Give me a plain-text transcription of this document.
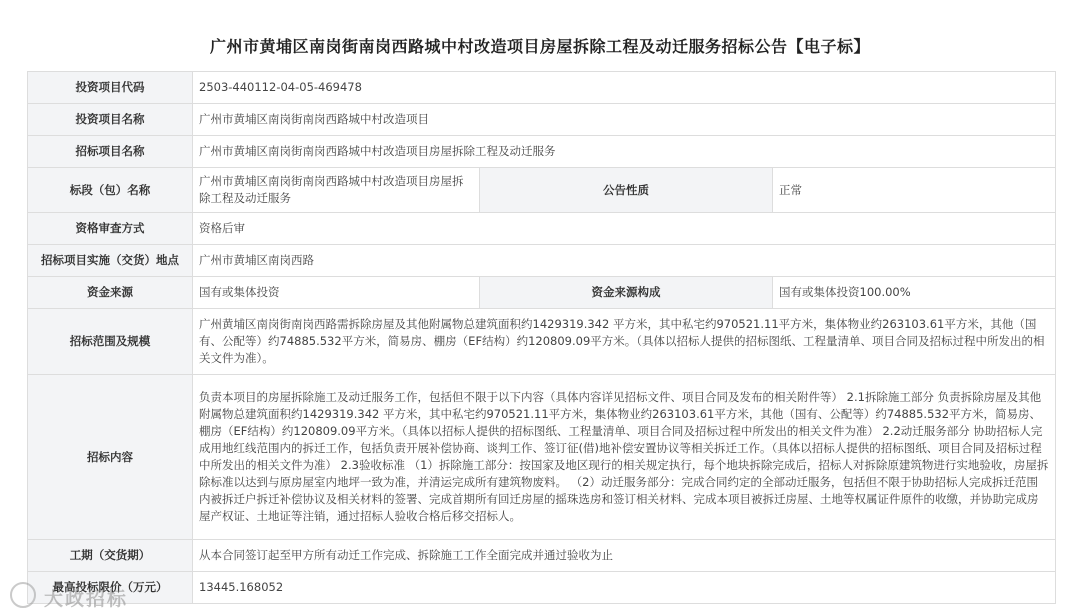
广州市黄埔区南岗街南岗西路城中村改造项目房屋拆除工程及动迁服务招标公告【电子标】
投资项目代码	2503-440112-04-05-469478		
投资项目名称	广州市黄埔区南岗街南岗西路城中村改造项目		
招标项目名称	广州市黄埔区南岗街南岗西路城中村改造项目房屋拆除工程及动迁服务		
标段（包）名称	广州市黄埔区南岗街南岗西路城中村改造项目房屋拆除工程及动迁服务	公告性质	正常
资格审查方式	资格后审		
招标项目实施（交货）地点	广州市黄埔区南岗西路		
资金来源	国有或集体投资	资金来源构成	国有或集体投资100.00%
招标范围及规模	广州黄埔区南岗街南岗西路需拆除房屋及其他附属物总建筑面积约1429319.342 平方米，其中私宅约970521.11平方米，集体物业约263103.61平方米，其他（国有、公配等）约74885.532平方米，简易房、棚房（EF结构）约120809.09平方米。（具体以招标人提供的招标图纸、工程量清单、项目合同及招标过程中所发出的相关文件为准）。		
招标内容	负责本项目的房屋拆除施工及动迁服务工作，包括但不限于以下内容（具体内容详见招标文件、项目合同及发布的相关附件等） 2.1拆除施工部分 负责拆除房屋及其他附属物总建筑面积约1429319.342 平方米，其中私宅约970521.11平方米，集体物业约263103.61平方米，其他（国有、公配等）约74885.532平方米，简易房、棚房（EF结构）约120809.09平方米。（具体以招标人提供的招标图纸、工程量清单、项目合同及招标过程中所发出的相关文件为准） 2.2动迁服务部分 协助招标人完成用地红线范围内的拆迁工作，包括负责开展补偿协商、谈判工作、签订征(借)地补偿安置协议等相关拆迁工作。（具体以招标人提供的招标图纸、项目合同及招标过程中所发出的相关文件为准） 2.3验收标准 （1）拆除施工部分：按国家及地区现行的相关规定执行，每个地块拆除完成后，招标人对拆除原建筑物进行实地验收，房屋拆除标准以达到与原房屋室内地坪一致为准，并清运完成所有建筑物废料。 （2）动迁服务部分：完成合同约定的全部动迁服务，包括但不限于协助招标人完成拆迁范围内被拆迁户拆迁补偿协议及相关材料的签署、完成首期所有回迁房屋的摇珠选房和签订相关材料、完成本项目被拆迁房屋、土地等权属证件原件的收缴，并协助完成房屋产权证、土地证等注销，通过招标人验收合格后移交招标人。		
工期（交货期）	从本合同签订起至甲方所有动迁工作完成、拆除施工工作全面完成并通过验收为止		
最高投标限价（万元）	13445.168052		
大政招标
